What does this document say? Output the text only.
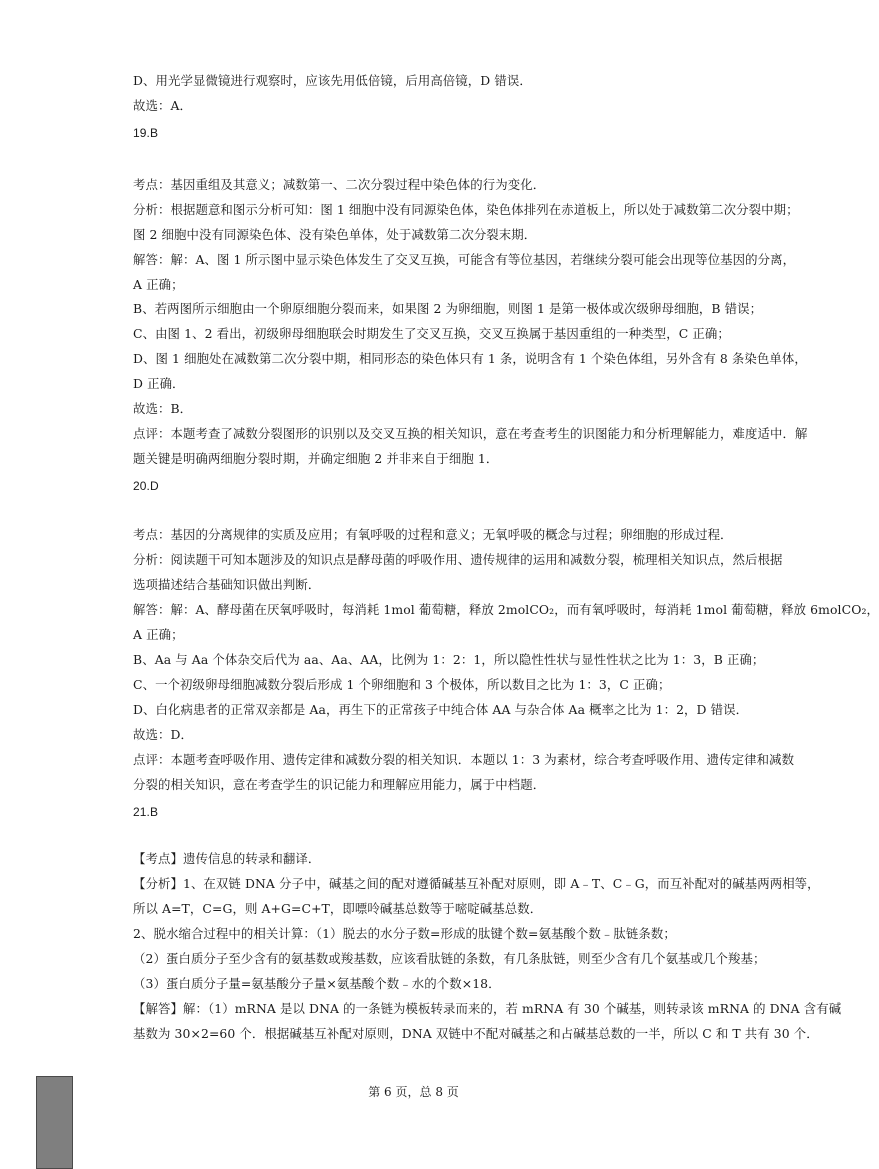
D、用光学显微镜进行观察时，应该先用低倍镜，后用高倍镜，D 错误．
故选：A．
19.B
考点：基因重组及其意义；减数第一、二次分裂过程中染色体的行为变化．
分析：根据题意和图示分析可知：图 1 细胞中没有同源染色体，染色体排列在赤道板上，所以处于减数第二次分裂中期；
图 2 细胞中没有同源染色体、没有染色单体，处于减数第二次分裂末期．
解答：解：A、图 1 所示图中显示染色体发生了交叉互换，可能含有等位基因，若继续分裂可能会出现等位基因的分离，
A 正确；
B、若两图所示细胞由一个卵原细胞分裂而来，如果图 2 为卵细胞，则图 1 是第一极体或次级卵母细胞，B 错误；
C、由图 1、2 看出，初级卵母细胞联会时期发生了交叉互换，交叉互换属于基因重组的一种类型，C 正确；
D、图 1 细胞处在减数第二次分裂中期，相同形态的染色体只有 1 条，说明含有 1 个染色体组，另外含有 8 条染色单体，
D 正确．
故选：B．
点评：本题考查了减数分裂图形的识别以及交叉互换的相关知识，意在考查考生的识图能力和分析理解能力，难度适中．解
题关键是明确两细胞分裂时期，并确定细胞 2 并非来自于细胞 1．
20.D
考点：基因的分离规律的实质及应用；有氧呼吸的过程和意义；无氧呼吸的概念与过程；卵细胞的形成过程．
分析：阅读题干可知本题涉及的知识点是酵母菌的呼吸作用、遗传规律的运用和减数分裂，梳理相关知识点，然后根据
选项描述结合基础知识做出判断．
解答：解：A、酵母菌在厌氧呼吸时，每消耗 1mol 葡萄糖，释放 2molCO₂，而有氧呼吸时，每消耗 1mol 葡萄糖，释放 6molCO₂，
A 正确；
B、Aa 与 Aa 个体杂交后代为 aa、Aa、AA，比例为 1：2：1，所以隐性性状与显性性状之比为 1：3，B 正确；
C、一个初级卵母细胞减数分裂后形成 1 个卵细胞和 3 个极体，所以数目之比为 1：3，C 正确；
D、白化病患者的正常双亲都是 Aa，再生下的正常孩子中纯合体 AA 与杂合体 Aa 概率之比为 1：2，D 错误．
故选：D．
点评：本题考查呼吸作用、遗传定律和减数分裂的相关知识．本题以 1：3 为素材，综合考查呼吸作用、遗传定律和减数
分裂的相关知识，意在考查学生的识记能力和理解应用能力，属于中档题．
21.B
【考点】遗传信息的转录和翻译．
【分析】1、在双链 DNA 分子中，碱基之间的配对遵循碱基互补配对原则，即 A﹣T、C﹣G，而互补配对的碱基两两相等，
所以 A=T，C=G，则 A+G=C+T，即嘌呤碱基总数等于嘧啶碱基总数．
2、脱水缩合过程中的相关计算：（1）脱去的水分子数=形成的肽键个数=氨基酸个数﹣肽链条数；
（2）蛋白质分子至少含有的氨基数或羧基数，应该看肽链的条数，有几条肽链，则至少含有几个氨基或几个羧基；
（3）蛋白质分子量=氨基酸分子量×氨基酸个数﹣水的个数×18．
【解答】解：（1）mRNA 是以 DNA 的一条链为模板转录而来的，若 mRNA 有 30 个碱基，则转录该 mRNA 的 DNA 含有碱
基数为 30×2=60 个．根据碱基互补配对原则，DNA 双链中不配对碱基之和占碱基总数的一半，所以 C 和 T 共有 30 个．
第 6 页，总 8 页
